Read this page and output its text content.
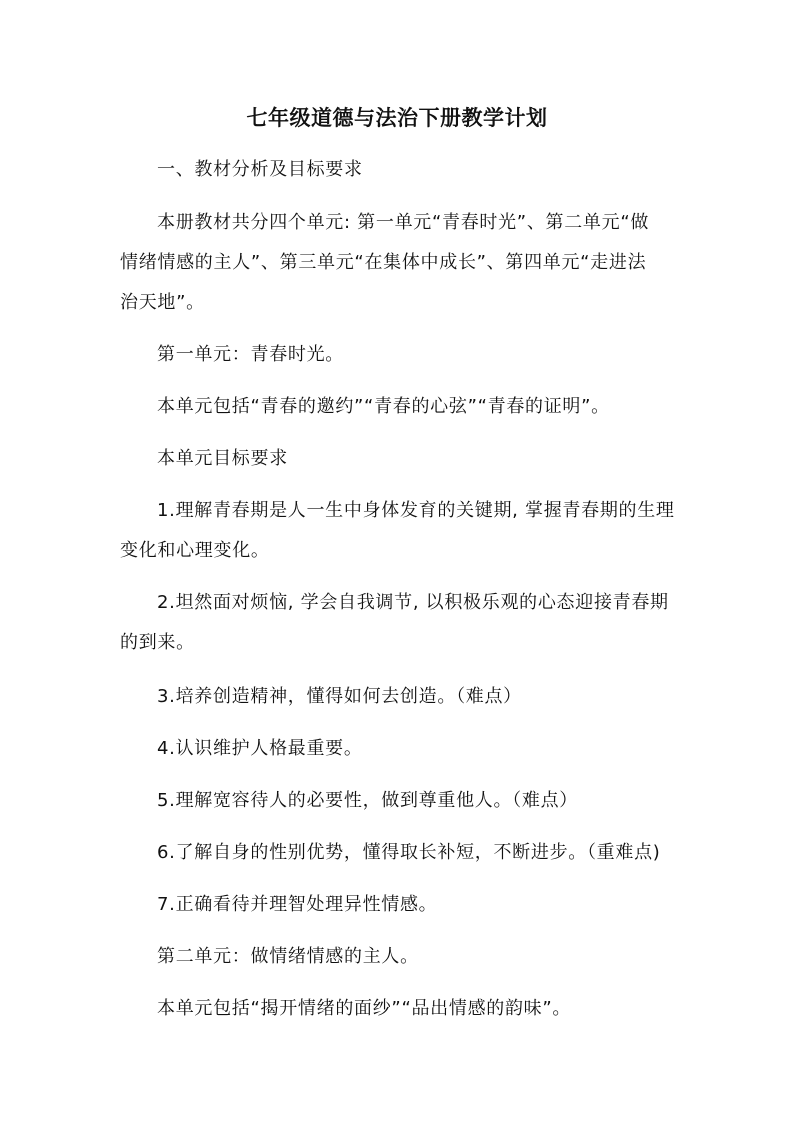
七年级道德与法治下册教学计划
一、教材分析及目标要求
本册教材共分四个单元: 第一单元“青春时光”、第二单元“做
情绪情感的主人”、第三单元“在集体中成长”、第四单元“走进法
治天地”。
第一单元：青春时光。
本单元包括“青春的邀约”“青春的心弦”“青春的证明”。
本单元目标要求
1.理解青春期是人一生中身体发育的关键期, 掌握青春期的生理
变化和心理变化。
2.坦然面对烦恼, 学会自我调节, 以积极乐观的心态迎接青春期
的到来。
3.培养创造精神，懂得如何去创造。（难点）
4.认识维护人格最重要。
5.理解宽容待人的必要性，做到尊重他人。（难点）
6.了解自身的性别优势，懂得取长补短，不断进步。（重难点)
7.正确看待并理智处理异性情感。
第二单元：做情绪情感的主人。
本单元包括“揭开情绪的面纱”“品出情感的韵味”。
